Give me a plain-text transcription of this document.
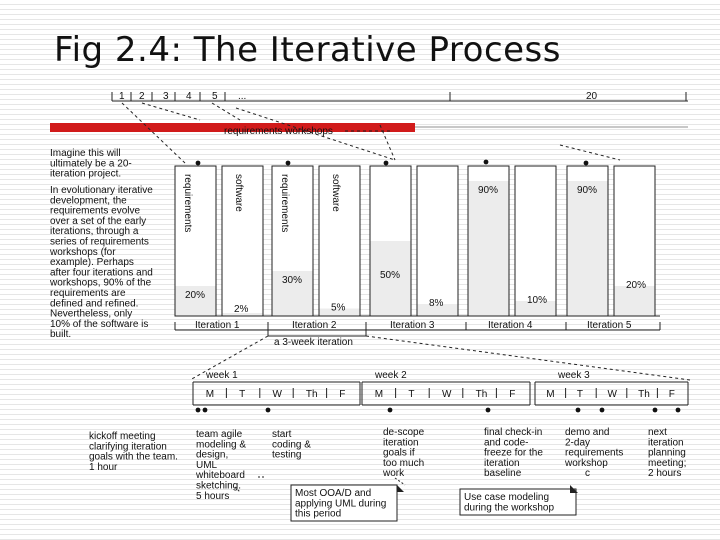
Fig 2.4: The Iterative Process
1 2 3 4 5 ...	20
requirements workshops
Imagine this will
ultimately be a 20-
iteration project.
In evolutionary iterative
development, the
requirements evolve
over a set of the early
iterations, through a
series of requirements
workshops (for
example). Perhaps
after four iterations and
workshops, 90% of the
requirements are
defined and refined.
Nevertheless, only
10% of the software is
built.
20%
2%
Iteration 1
requirements	software
30%
5%
Iteration 2
requirements	software
50%
8%
Iteration 3
90%
10%
Iteration 4
90%
20%
Iteration 5
a 3-week iteration
week 1
M	T	W Th F
week 2
M	T	W Th F
week 3
M T W Th F
kickoff meeting
clarifying iteration
goals with the team.
1 hour
team agile
modeling &
design,
UML
whiteboard
sketching.
5 hours
start
coding &
testing
de-scope
iteration
goals if
too much
work
final check-in
and code-
freeze for the
iteration
baseline
demo and
2-day
requirements
workshop
next
iteration
planning
meeting;
2 hours
c
Most OOA/D and
applying UML during
this period
Use case modeling
during the workshop
